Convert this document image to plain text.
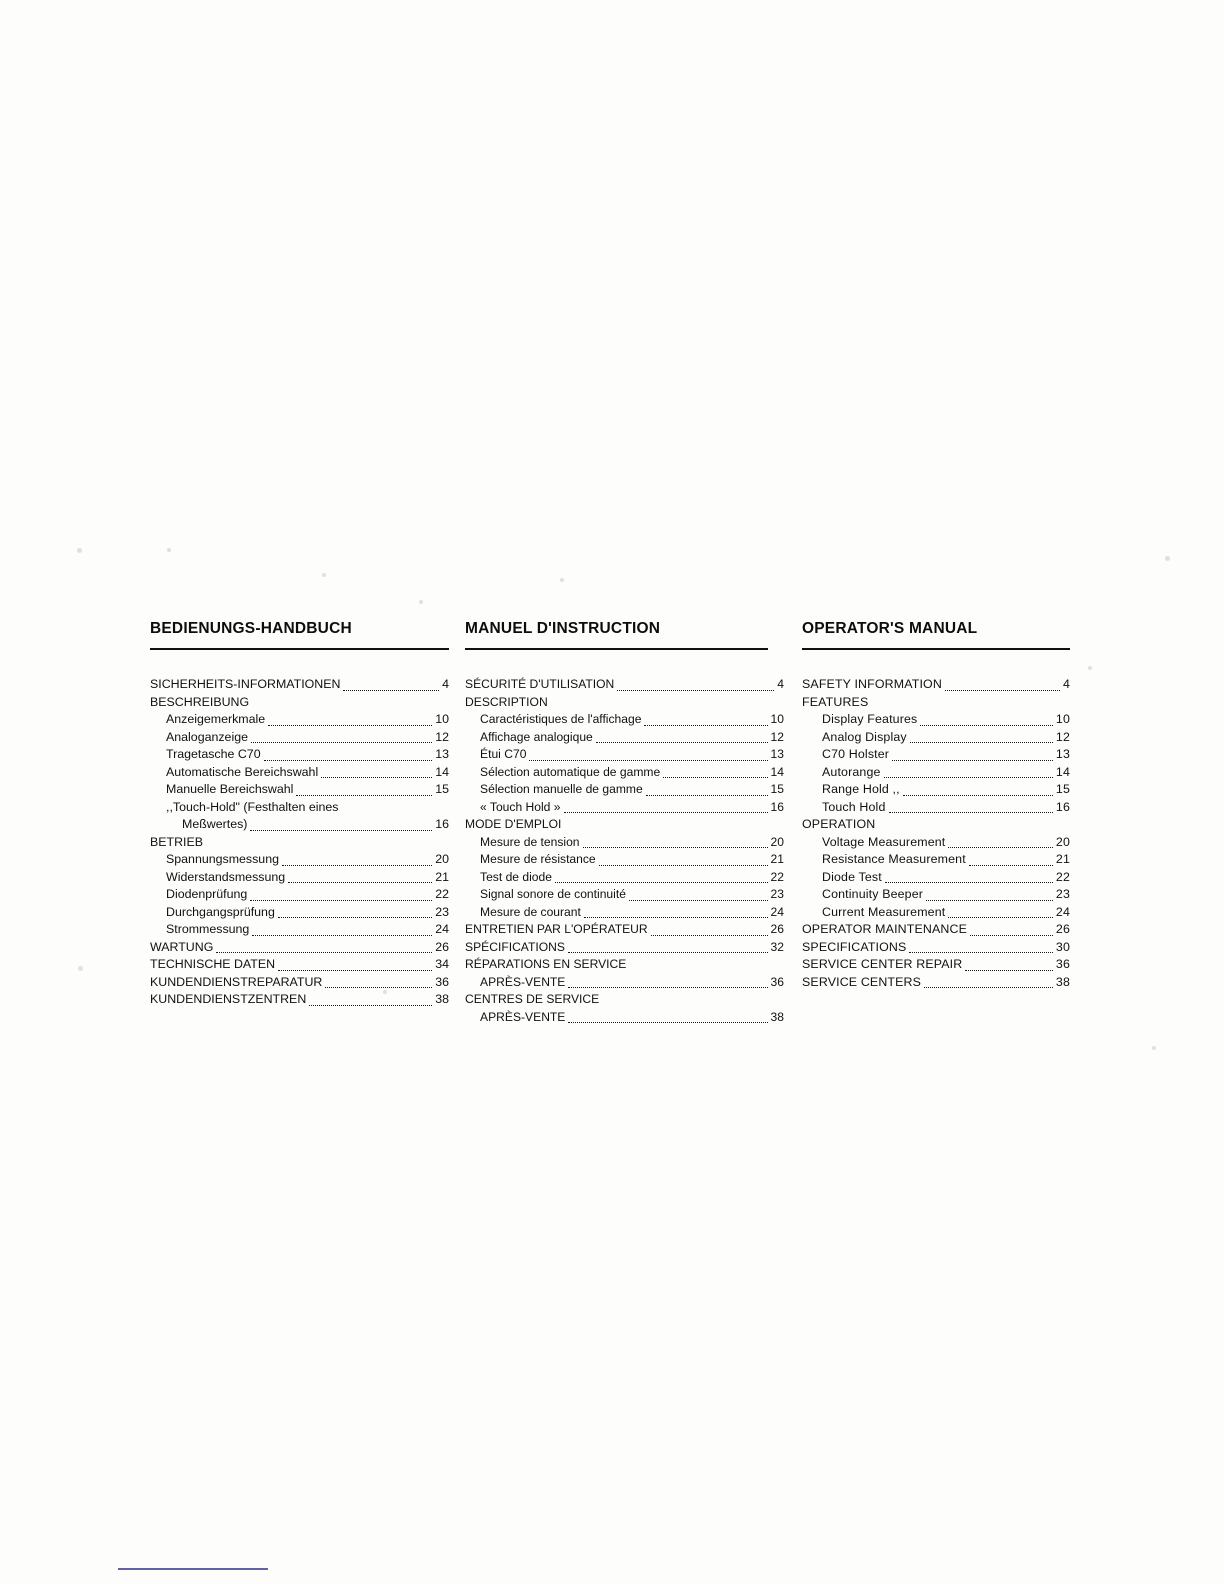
BEDIENUNGS-HANDBUCH
SICHERHEITS-INFORMATIONEN	4
BESCHREIBUNG
Anzeigemerkmale	10
Analoganzeige	12
Tragetasche C70	13
Automatische Bereichswahl	14
Manuelle Bereichswahl	15
,,Touch-Hold" (Festhalten eines
Meßwertes)	16
BETRIEB
Spannungsmessung	20
Widerstandsmessung	21
Diodenprüfung	22
Durchgangsprüfung	23
Strommessung	24
WARTUNG	26
TECHNISCHE DATEN	34
KUNDENDIENSTREPARATUR	36
KUNDENDIENSTZENTREN	38
MANUEL D'INSTRUCTION
SÉCURITÉ D'UTILISATION	4
DESCRIPTION
Caractéristiques de l'affichage	10
Affichage analogique	12
Étui C70	13
Sélection automatique de gamme	14
Sélection manuelle de gamme	15
« Touch Hold »	16
MODE D'EMPLOI
Mesure de tension	20
Mesure de résistance	21
Test de diode	22
Signal sonore de continuité	23
Mesure de courant	24
ENTRETIEN PAR L'OPÉRATEUR	26
SPÉCIFICATIONS	32
RÉPARATIONS EN SERVICE
APRÈS-VENTE	36
CENTRES DE SERVICE
APRÈS-VENTE	38
OPERATOR'S MANUAL
SAFETY INFORMATION	4
FEATURES
Display Features	10
Analog Display	12
C70 Holster	13
Autorange	14
Range Hold ,,	15
Touch Hold	16
OPERATION
Voltage Measurement	20
Resistance Measurement	21
Diode Test	22
Continuity Beeper	23
Current Measurement	24
OPERATOR MAINTENANCE	26
SPECIFICATIONS	30
SERVICE CENTER REPAIR	36
SERVICE CENTERS	38
